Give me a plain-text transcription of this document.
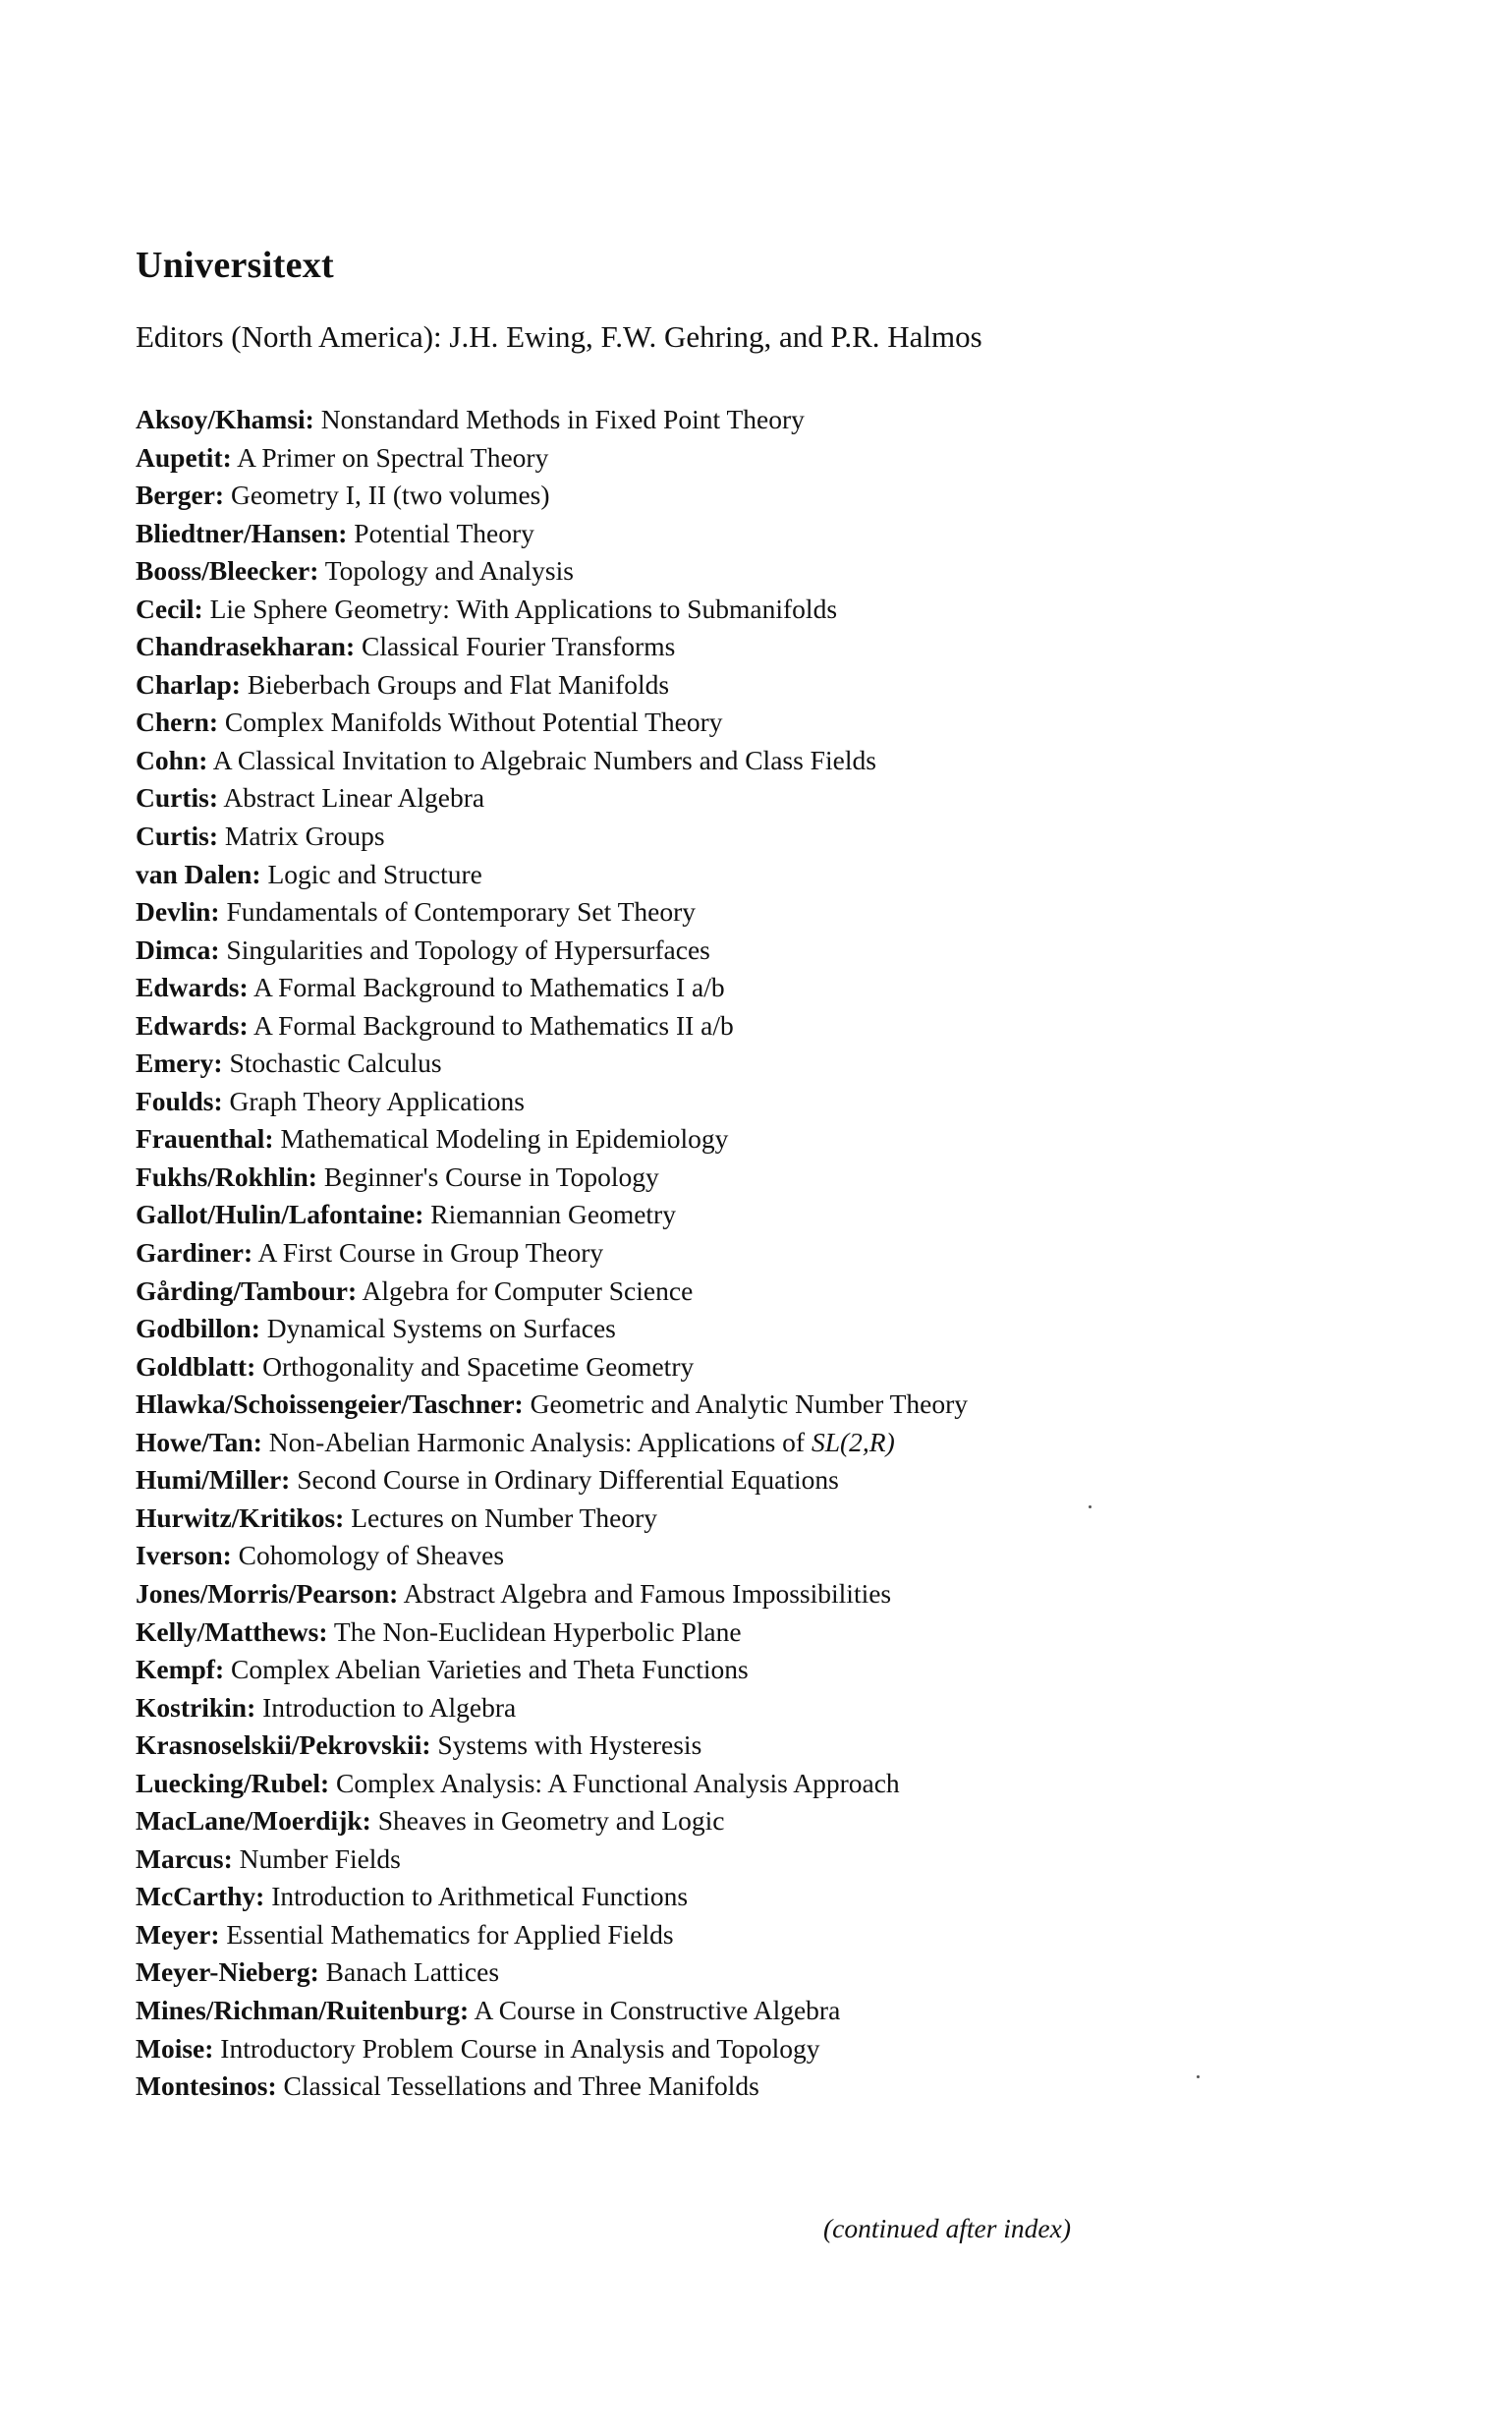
Universitext

Editors (North America): J.H. Ewing, F.W. Gehring, and P.R. Halmos

Aksoy/Khamsi: Nonstandard Methods in Fixed Point Theory
Aupetit: A Primer on Spectral Theory
Berger: Geometry I, II (two volumes)
Bliedtner/Hansen: Potential Theory
Booss/Bleecker: Topology and Analysis
Cecil: Lie Sphere Geometry: With Applications to Submanifolds
Chandrasekharan: Classical Fourier Transforms
Charlap: Bieberbach Groups and Flat Manifolds
Chern: Complex Manifolds Without Potential Theory
Cohn: A Classical Invitation to Algebraic Numbers and Class Fields
Curtis: Abstract Linear Algebra
Curtis: Matrix Groups
van Dalen: Logic and Structure
Devlin: Fundamentals of Contemporary Set Theory
Dimca: Singularities and Topology of Hypersurfaces
Edwards: A Formal Background to Mathematics I a/b
Edwards: A Formal Background to Mathematics II a/b
Emery: Stochastic Calculus
Foulds: Graph Theory Applications
Frauenthal: Mathematical Modeling in Epidemiology
Fukhs/Rokhlin: Beginner's Course in Topology
Gallot/Hulin/Lafontaine: Riemannian Geometry
Gardiner: A First Course in Group Theory
Gårding/Tambour: Algebra for Computer Science
Godbillon: Dynamical Systems on Surfaces
Goldblatt: Orthogonality and Spacetime Geometry
Hlawka/Schoissengeier/Taschner: Geometric and Analytic Number Theory
Howe/Tan: Non-Abelian Harmonic Analysis: Applications of SL(2,R)
Humi/Miller: Second Course in Ordinary Differential Equations
Hurwitz/Kritikos: Lectures on Number Theory
Iverson: Cohomology of Sheaves
Jones/Morris/Pearson: Abstract Algebra and Famous Impossibilities
Kelly/Matthews: The Non-Euclidean Hyperbolic Plane
Kempf: Complex Abelian Varieties and Theta Functions
Kostrikin: Introduction to Algebra
Krasnoselskii/Pekrovskii: Systems with Hysteresis
Luecking/Rubel: Complex Analysis: A Functional Analysis Approach
MacLane/Moerdijk: Sheaves in Geometry and Logic
Marcus: Number Fields
McCarthy: Introduction to Arithmetical Functions
Meyer: Essential Mathematics for Applied Fields
Meyer-Nieberg: Banach Lattices
Mines/Richman/Ruitenburg: A Course in Constructive Algebra
Moise: Introductory Problem Course in Analysis and Topology
Montesinos: Classical Tessellations and Three Manifolds

(continued after index)
